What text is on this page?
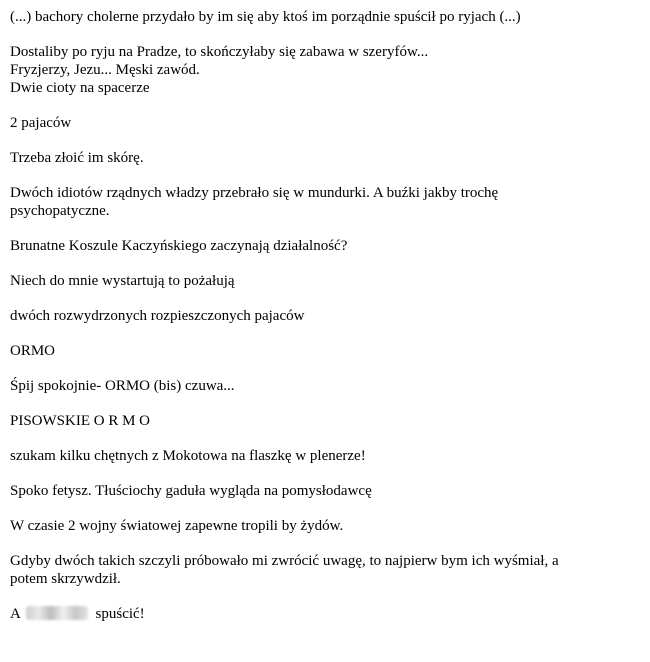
(...) bachory cholerne przydało by im się aby ktoś im porządnie spuścił po ryjach (...)
Dostaliby po ryju na Pradze, to skończyłaby się zabawa w szeryfów...
Fryzjerzy, Jezu... Męski zawód.
Dwie cioty na spacerze
2 pajaców
Trzeba złoić im skórę.
Dwóch idiotów rządnych władzy przebrało się w mundurki. A buźki jakby trochę
psychopatyczne.
Brunatne Koszule Kaczyńskiego zaczynają działalność?
Niech do mnie wystartują to pożałują
dwóch rozwydrzonych rozpieszczonych pajaców
ORMO
Śpij spokojnie- ORMO (bis) czuwa...
PISOWSKIE O R M O
szukam kilku chętnych z Mokotowa na flaszkę w plenerze!
Spoko fetysz. Tłuściochy gaduła wygląda na pomysłodawcę
W czasie 2 wojny światowej zapewne tropili by żydów.
Gdyby dwóch takich szczyli próbowało mi zwrócić uwagę, to najpierw bym ich wyśmiał, a
potem skrzywdził.
A	spuścić!
